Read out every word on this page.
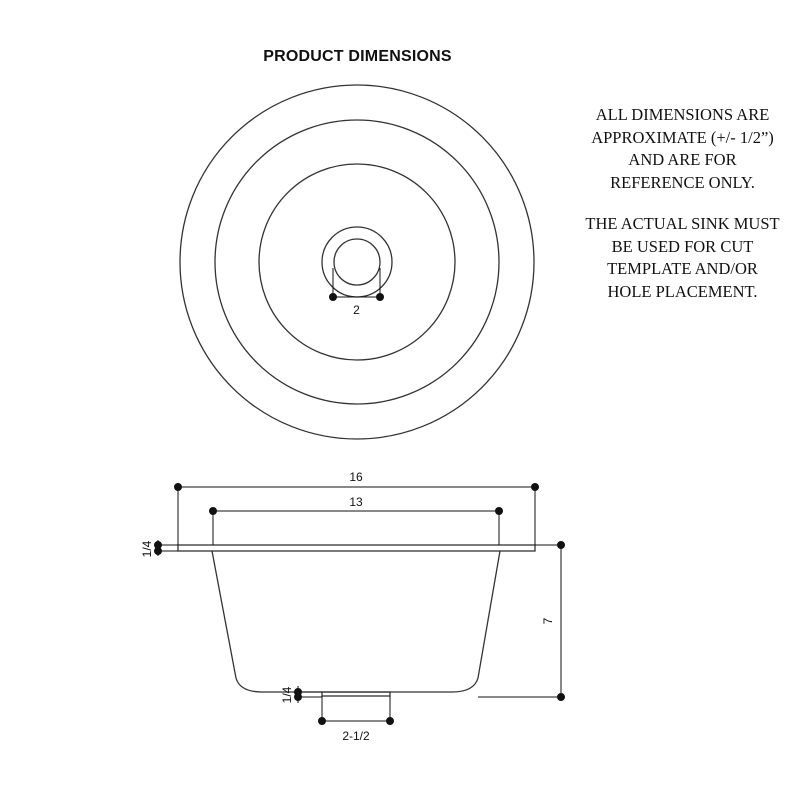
PRODUCT DIMENSIONS
ALL DIMENSIONS ARE
APPROXIMATE (+/- 1/2”)
AND ARE FOR
REFERENCE ONLY.
THE ACTUAL SINK MUST
BE USED FOR CUT
TEMPLATE AND/OR
HOLE PLACEMENT.
2
16
13
1/4
7
1/4
2-1/2
